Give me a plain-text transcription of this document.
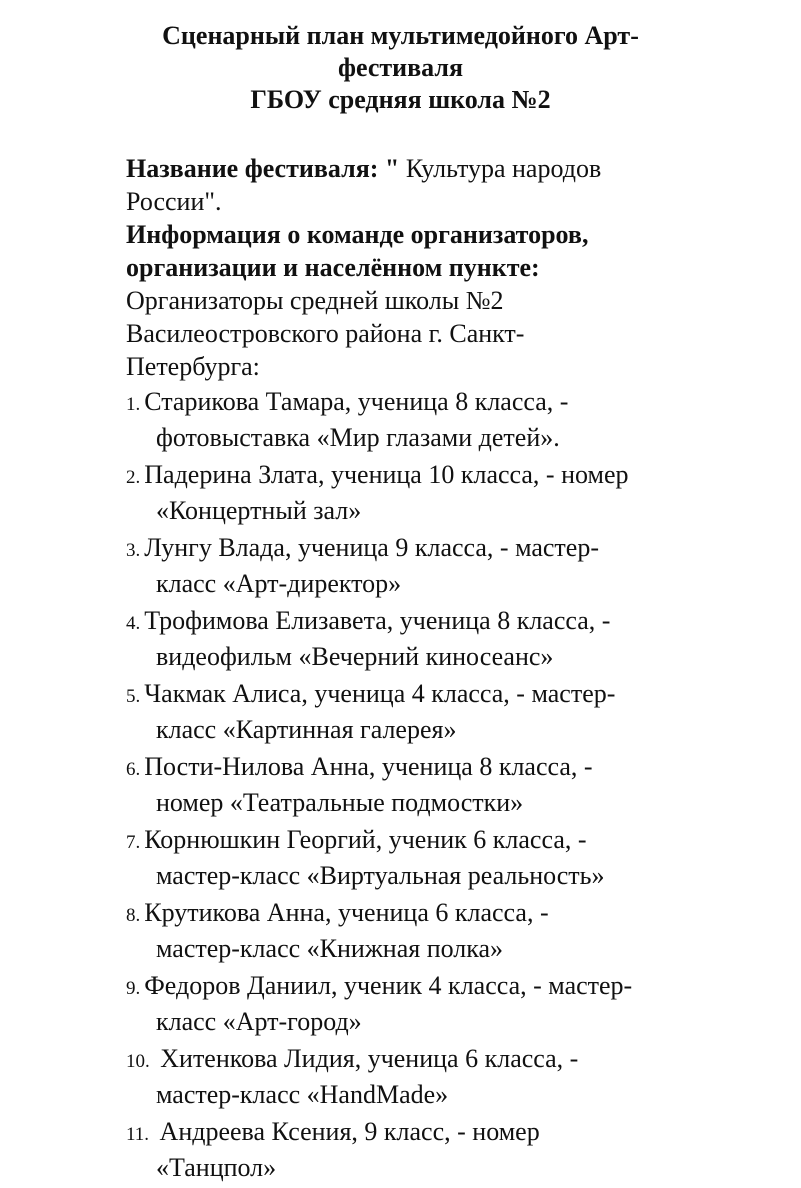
Сценарный план мультимедойного Арт-
фестиваля
ГБОУ средняя школа №2
Название фестиваля: " Культура народов
России".
Информация о команде организаторов,
организации и населённом пункте:
Организаторы средней школы №2
Василеостровского района г. Санкт-
Петербурга:
1. Старикова Тамара, ученица 8 класса, -
фотовыставка «Мир глазами детей».
2. Падерина Злата, ученица 10 класса, - номер
«Концертный зал»
3. Лунгу Влада, ученица 9 класса, - мастер-
класс «Арт-директор»
4. Трофимова Елизавета, ученица 8 класса, -
видеофильм «Вечерний киносеанс»
5. Чакмак Алиса, ученица 4 класса, - мастер-
класс «Картинная галерея»
6. Пости-Нилова Анна, ученица 8 класса, -
номер «Театральные подмостки»
7. Корнюшкин Георгий, ученик 6 класса, -
мастер-класс «Виртуальная реальность»
8. Крутикова Анна, ученица 6 класса, -
мастер-класс «Книжная полка»
9. Федоров Даниил, ученик 4 класса, - мастер-
класс «Арт-город»
10. Хитенкова Лидия, ученица 6 класса, -
мастер-класс «HandMade»
11. Андреева Ксения, 9 класс, - номер
«Танцпол»
